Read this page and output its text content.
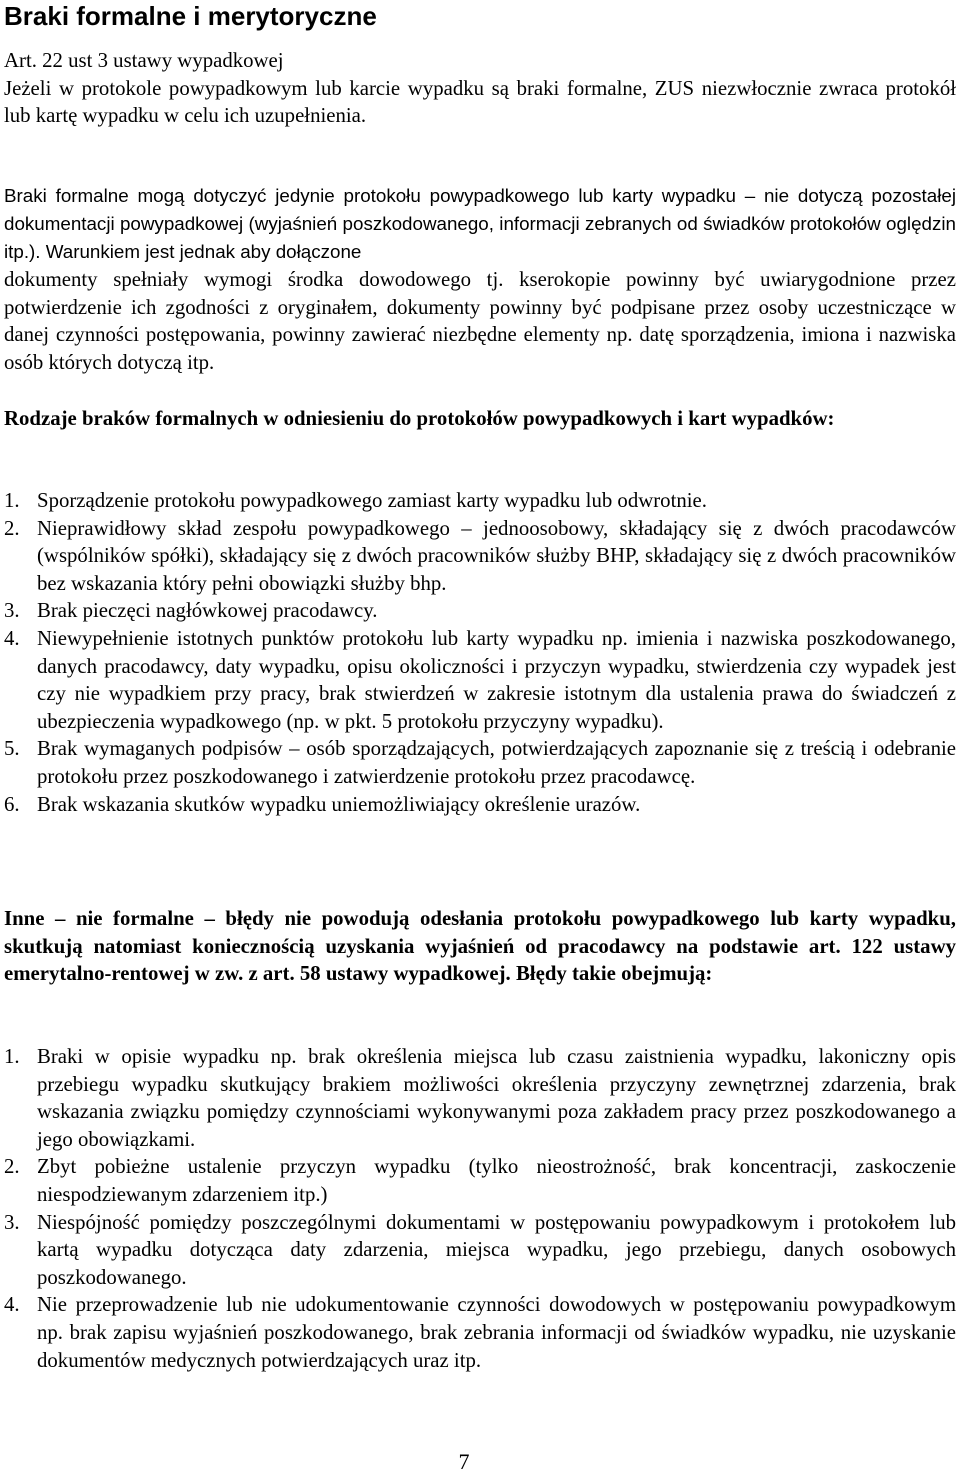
Braki formalne i merytoryczne

Art. 22 ust 3 ustawy wypadkowej

Jeżeli w protokole powypadkowym lub karcie wypadku są braki formalne, ZUS niezwłocznie zwraca protokół lub kartę wypadku w celu ich uzupełnienia.

Braki formalne mogą dotyczyć jedynie protokołu powypadkowego lub karty wypadku – nie dotyczą pozostałej dokumentacji powypadkowej (wyjaśnień poszkodowanego, informacji zebranych od świadków protokołów oględzin itp.). Warunkiem jest jednak aby dołączone

dokumenty spełniały wymogi środka dowodowego tj. kserokopie powinny być uwiarygodnione przez potwierdzenie ich zgodności z oryginałem, dokumenty powinny być podpisane przez osoby uczestniczące w danej czynności postępowania, powinny zawierać niezbędne elementy np. datę sporządzenia, imiona i nazwiska osób których dotyczą itp.

Rodzaje braków formalnych w odniesieniu do protokołów powypadkowych i kart wypadków:

1. Sporządzenie protokołu powypadkowego zamiast karty wypadku lub odwrotnie.
2. Nieprawidłowy skład zespołu powypadkowego – jednoosobowy, składający się z dwóch pracodawców (wspólników spółki), składający się z dwóch pracowników służby BHP, składający się z dwóch pracowników bez wskazania który pełni obowiązki służby bhp.
3. Brak pieczęci nagłówkowej pracodawcy.
4. Niewypełnienie istotnych punktów protokołu lub karty wypadku np. imienia i nazwiska poszkodowanego, danych pracodawcy, daty wypadku, opisu okoliczności i przyczyn wypadku, stwierdzenia czy wypadek jest czy nie wypadkiem przy pracy, brak stwierdzeń w zakresie istotnym dla ustalenia prawa do świadczeń z ubezpieczenia wypadkowego (np. w pkt. 5 protokołu przyczyny wypadku).
5. Brak wymaganych podpisów – osób sporządzających, potwierdzających zapoznanie się z treścią i odebranie protokołu przez poszkodowanego i zatwierdzenie protokołu przez pracodawcę.
6. Brak wskazania skutków wypadku uniemożliwiający określenie urazów.

Inne – nie formalne – błędy nie powodują odesłania protokołu powypadkowego lub karty wypadku, skutkują natomiast koniecznością uzyskania wyjaśnień od pracodawcy na podstawie art. 122 ustawy emerytalno-rentowej w zw. z art. 58 ustawy wypadkowej. Błędy takie obejmują:

1. Braki w opisie wypadku np. brak określenia miejsca lub czasu zaistnienia wypadku, lakoniczny opis przebiegu wypadku skutkujący brakiem możliwości określenia przyczyny zewnętrznej zdarzenia, brak wskazania związku pomiędzy czynnościami wykonywanymi poza zakładem pracy przez poszkodowanego a jego obowiązkami.
2. Zbyt pobieżne ustalenie przyczyn wypadku (tylko nieostrożność, brak koncentracji, zaskoczenie niespodziewanym zdarzeniem itp.)
3. Niespójność pomiędzy poszczególnymi dokumentami w postępowaniu powypadkowym i protokołem lub kartą wypadku dotycząca daty zdarzenia, miejsca wypadku, jego przebiegu, danych osobowych poszkodowanego.
4. Nie przeprowadzenie lub nie udokumentowanie czynności dowodowych w postępowaniu powypadkowym np. brak zapisu wyjaśnień poszkodowanego, brak zebrania informacji od świadków wypadku, nie uzyskanie dokumentów medycznych potwierdzających uraz itp.
7
